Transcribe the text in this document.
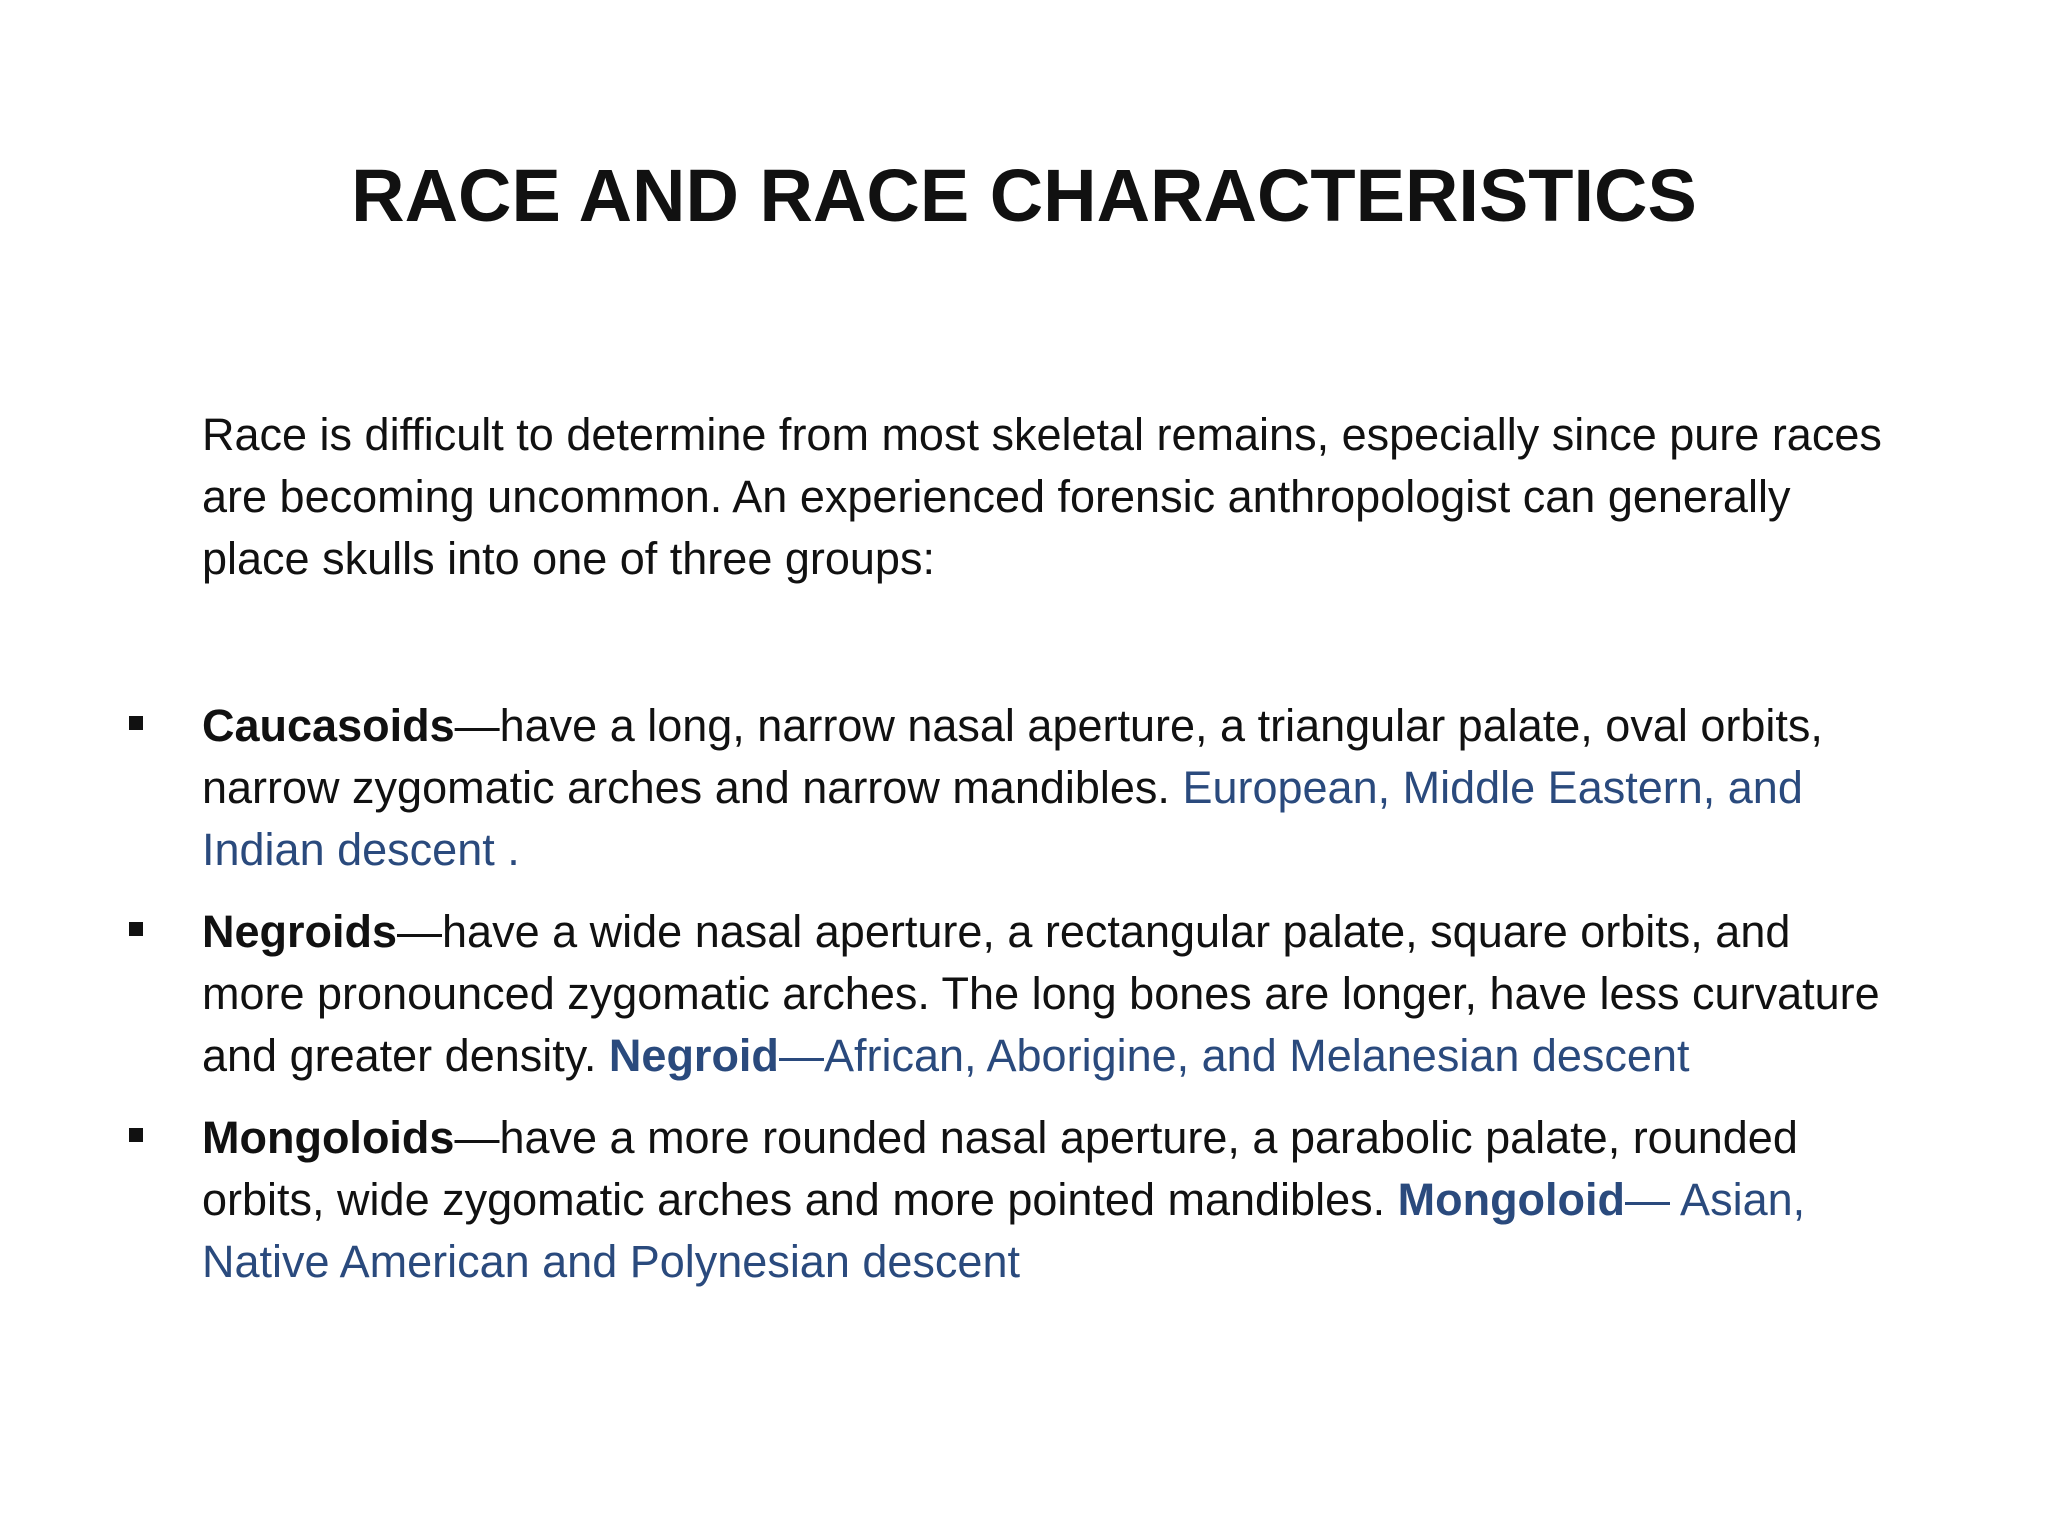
RACE AND RACE CHARACTERISTICS

Race is difficult to determine from most skeletal remains, especially since pure races are becoming uncommon. An experienced forensic anthropologist can generally place skulls into one of three groups:

Caucasoids—have a long, narrow nasal aperture, a triangular palate, oval orbits, narrow zygomatic arches and narrow mandibles. European, Middle Eastern, and Indian descent .
Negroids—have a wide nasal aperture, a rectangular palate, square orbits, and more pronounced zygomatic arches. The long bones are longer, have less curvature and greater density. Negroid—African, Aborigine, and Melanesian descent
Mongoloids—have a more rounded nasal aperture, a parabolic palate, rounded orbits, wide zygomatic arches and more pointed mandibles. Mongoloid— Asian, Native American and Polynesian descent
